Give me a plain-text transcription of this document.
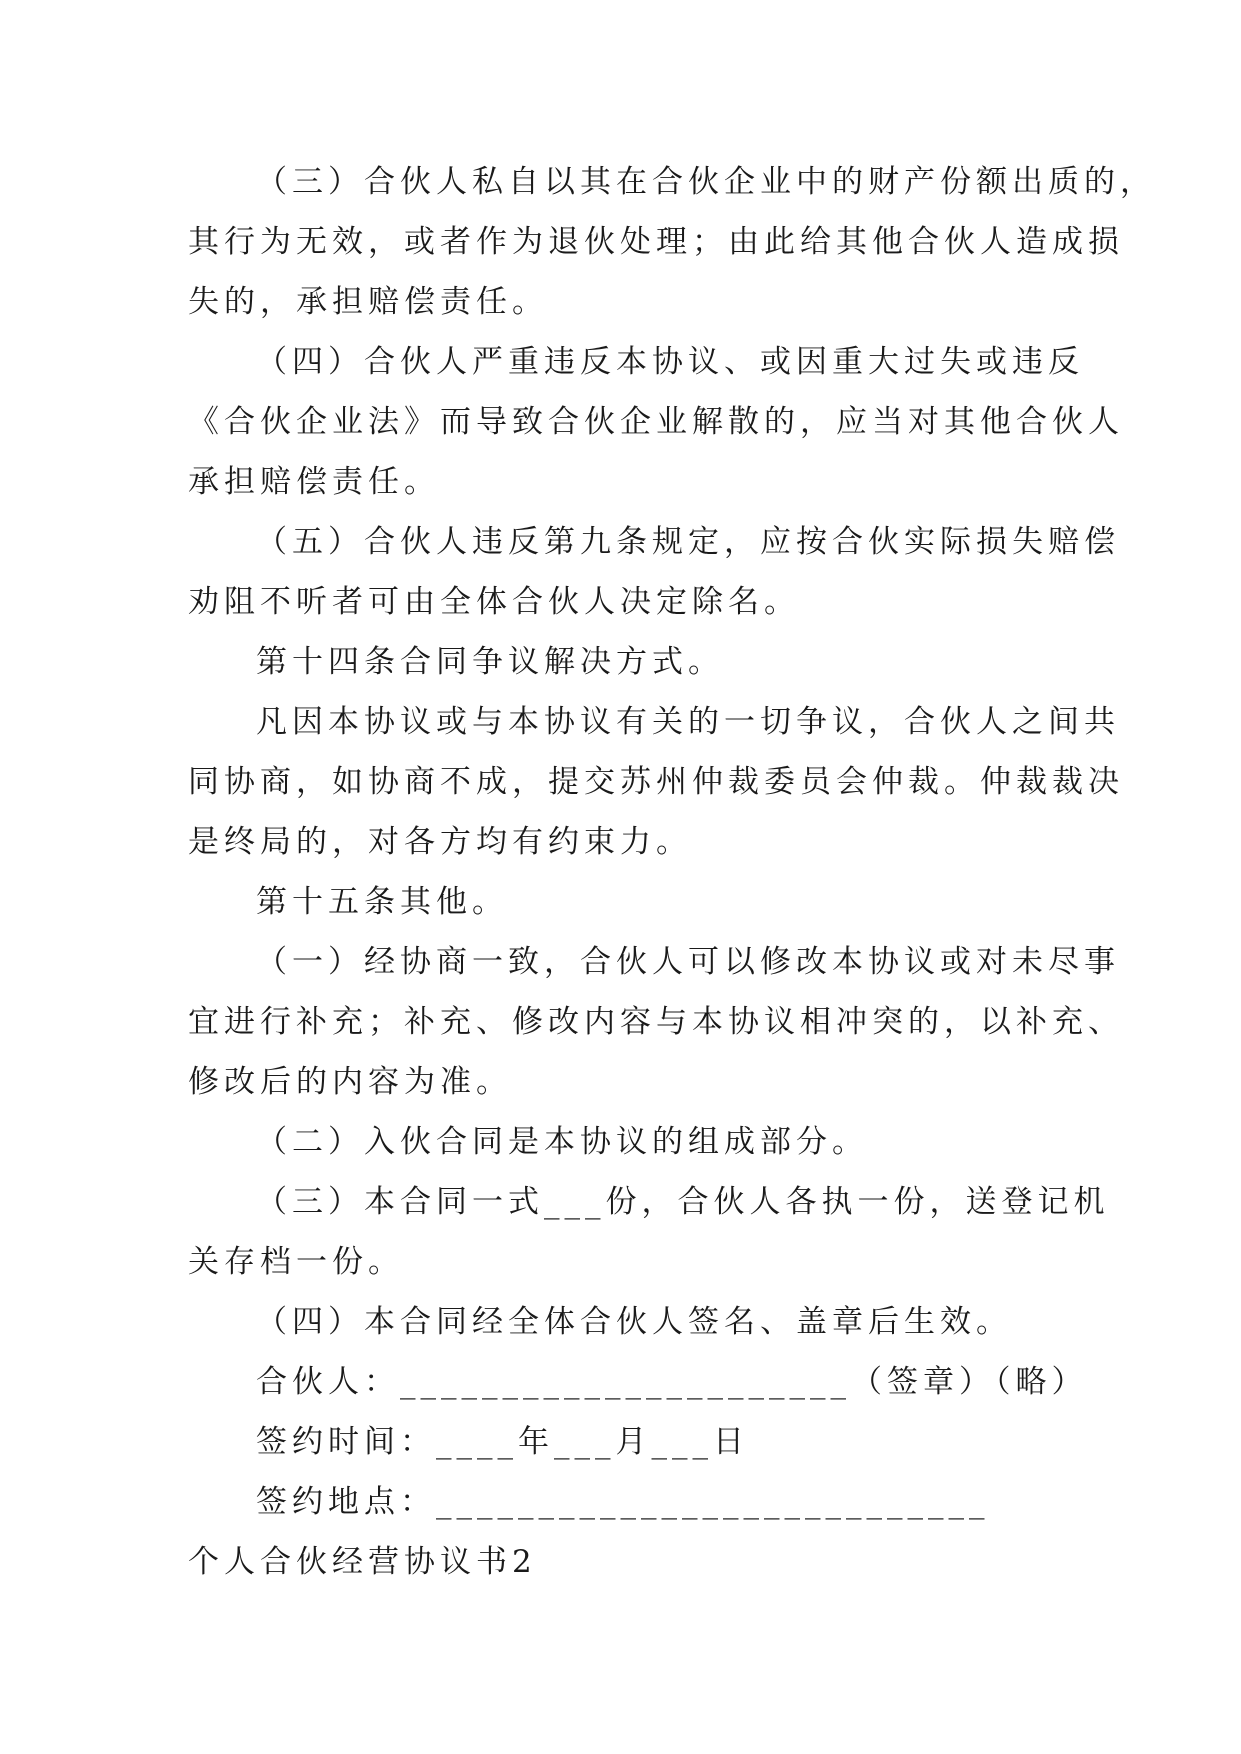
（三）合伙人私自以其在合伙企业中的财产份额出质的，
其行为无效，或者作为退伙处理；由此给其他合伙人造成损
失的，承担赔偿责任。
（四）合伙人严重违反本协议、或因重大过失或违反
《合伙企业法》而导致合伙企业解散的，应当对其他合伙人
承担赔偿责任。
（五）合伙人违反第九条规定，应按合伙实际损失赔偿
劝阻不听者可由全体合伙人决定除名。
第十四条合同争议解决方式。
凡因本协议或与本协议有关的一切争议，合伙人之间共
同协商，如协商不成，提交苏州仲裁委员会仲裁。仲裁裁决
是终局的，对各方均有约束力。
第十五条其他。
（一）经协商一致，合伙人可以修改本协议或对未尽事
宜进行补充；补充、修改内容与本协议相冲突的，以补充、
修改后的内容为准。
（二）入伙合同是本协议的组成部分。
（三）本合同一式___份，合伙人各执一份，送登记机
关存档一份。
（四）本合同经全体合伙人签名、盖章后生效。
合伙人：______________________（签章）（略）
签约时间：____年___月___日
签约地点：___________________________
个人合伙经营协议书2
